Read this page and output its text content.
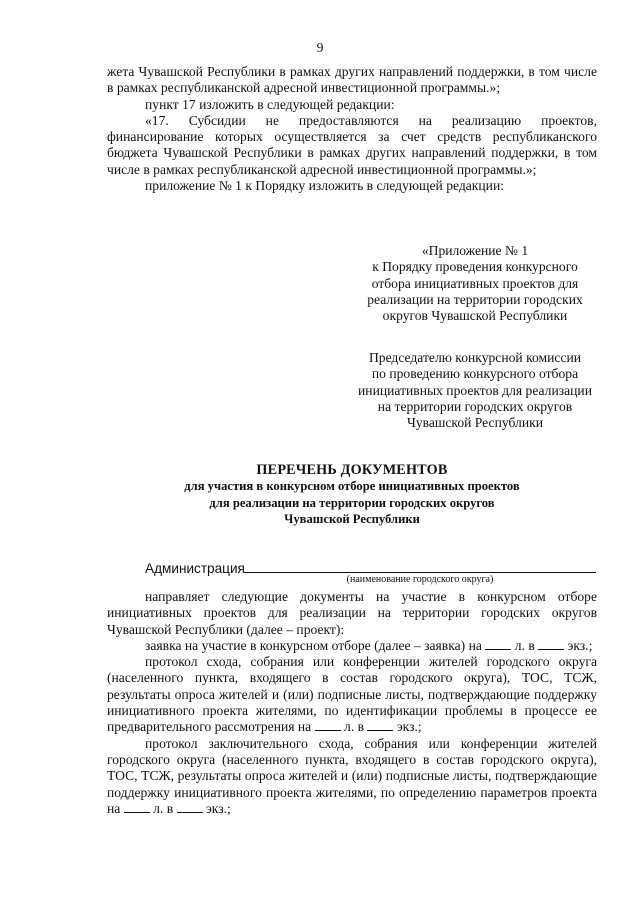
9

жета Чувашской Республики в рамках других направлений поддержки, в том числе в рамках республиканской адресной инвестиционной программы.»;

пункт 17 изложить в следующей редакции:

«17. Субсидии не предоставляются на реализацию проектов, финансирование которых осуществляется за счет средств республиканского бюджета Чувашской Республики в рамках других направлений поддержки, в том числе в рамках республиканской адресной инвестиционной программы.»;

приложение № 1 к Порядку изложить в следующей редакции:

«Приложение № 1
к Порядку проведения конкурсного
отбора инициативных проектов для
реализации на территории городских
округов Чувашской Республики
Председателю конкурсной комиссии
по проведению конкурсного отбора
инициативных проектов для реализации
на территории городских округов
Чувашской Республики
ПЕРЕЧЕНЬ ДОКУМЕНТОВ
для участия в конкурсном отборе инициативных проектов
для реализации на территории городских округов
Чувашской Республики
Администрация
(наименование городского округа)

направляет следующие документы на участие в конкурсном отборе инициативных проектов для реализации на территории городских округов Чувашской Республики (далее – проект):

заявка на участие в конкурсном отборе (далее – заявка) на л. в экз.;

протокол схода, собрания или конференции жителей городского округа (населенного пункта, входящего в состав городского округа), ТОС, ТСЖ, результаты опроса жителей и (или) подписные листы, подтверждающие поддержку инициативного проекта жителями, по идентификации проблемы в процессе ее предварительного рассмотрения на л. в экз.;

протокол заключительного схода, собрания или конференции жителей городского округа (населенного пункта, входящего в состав городского округа), ТОС, ТСЖ, результаты опроса жителей и (или) подписные листы, подтверждающие поддержку инициативного проекта жителями, по определению параметров проекта на л. в экз.;
